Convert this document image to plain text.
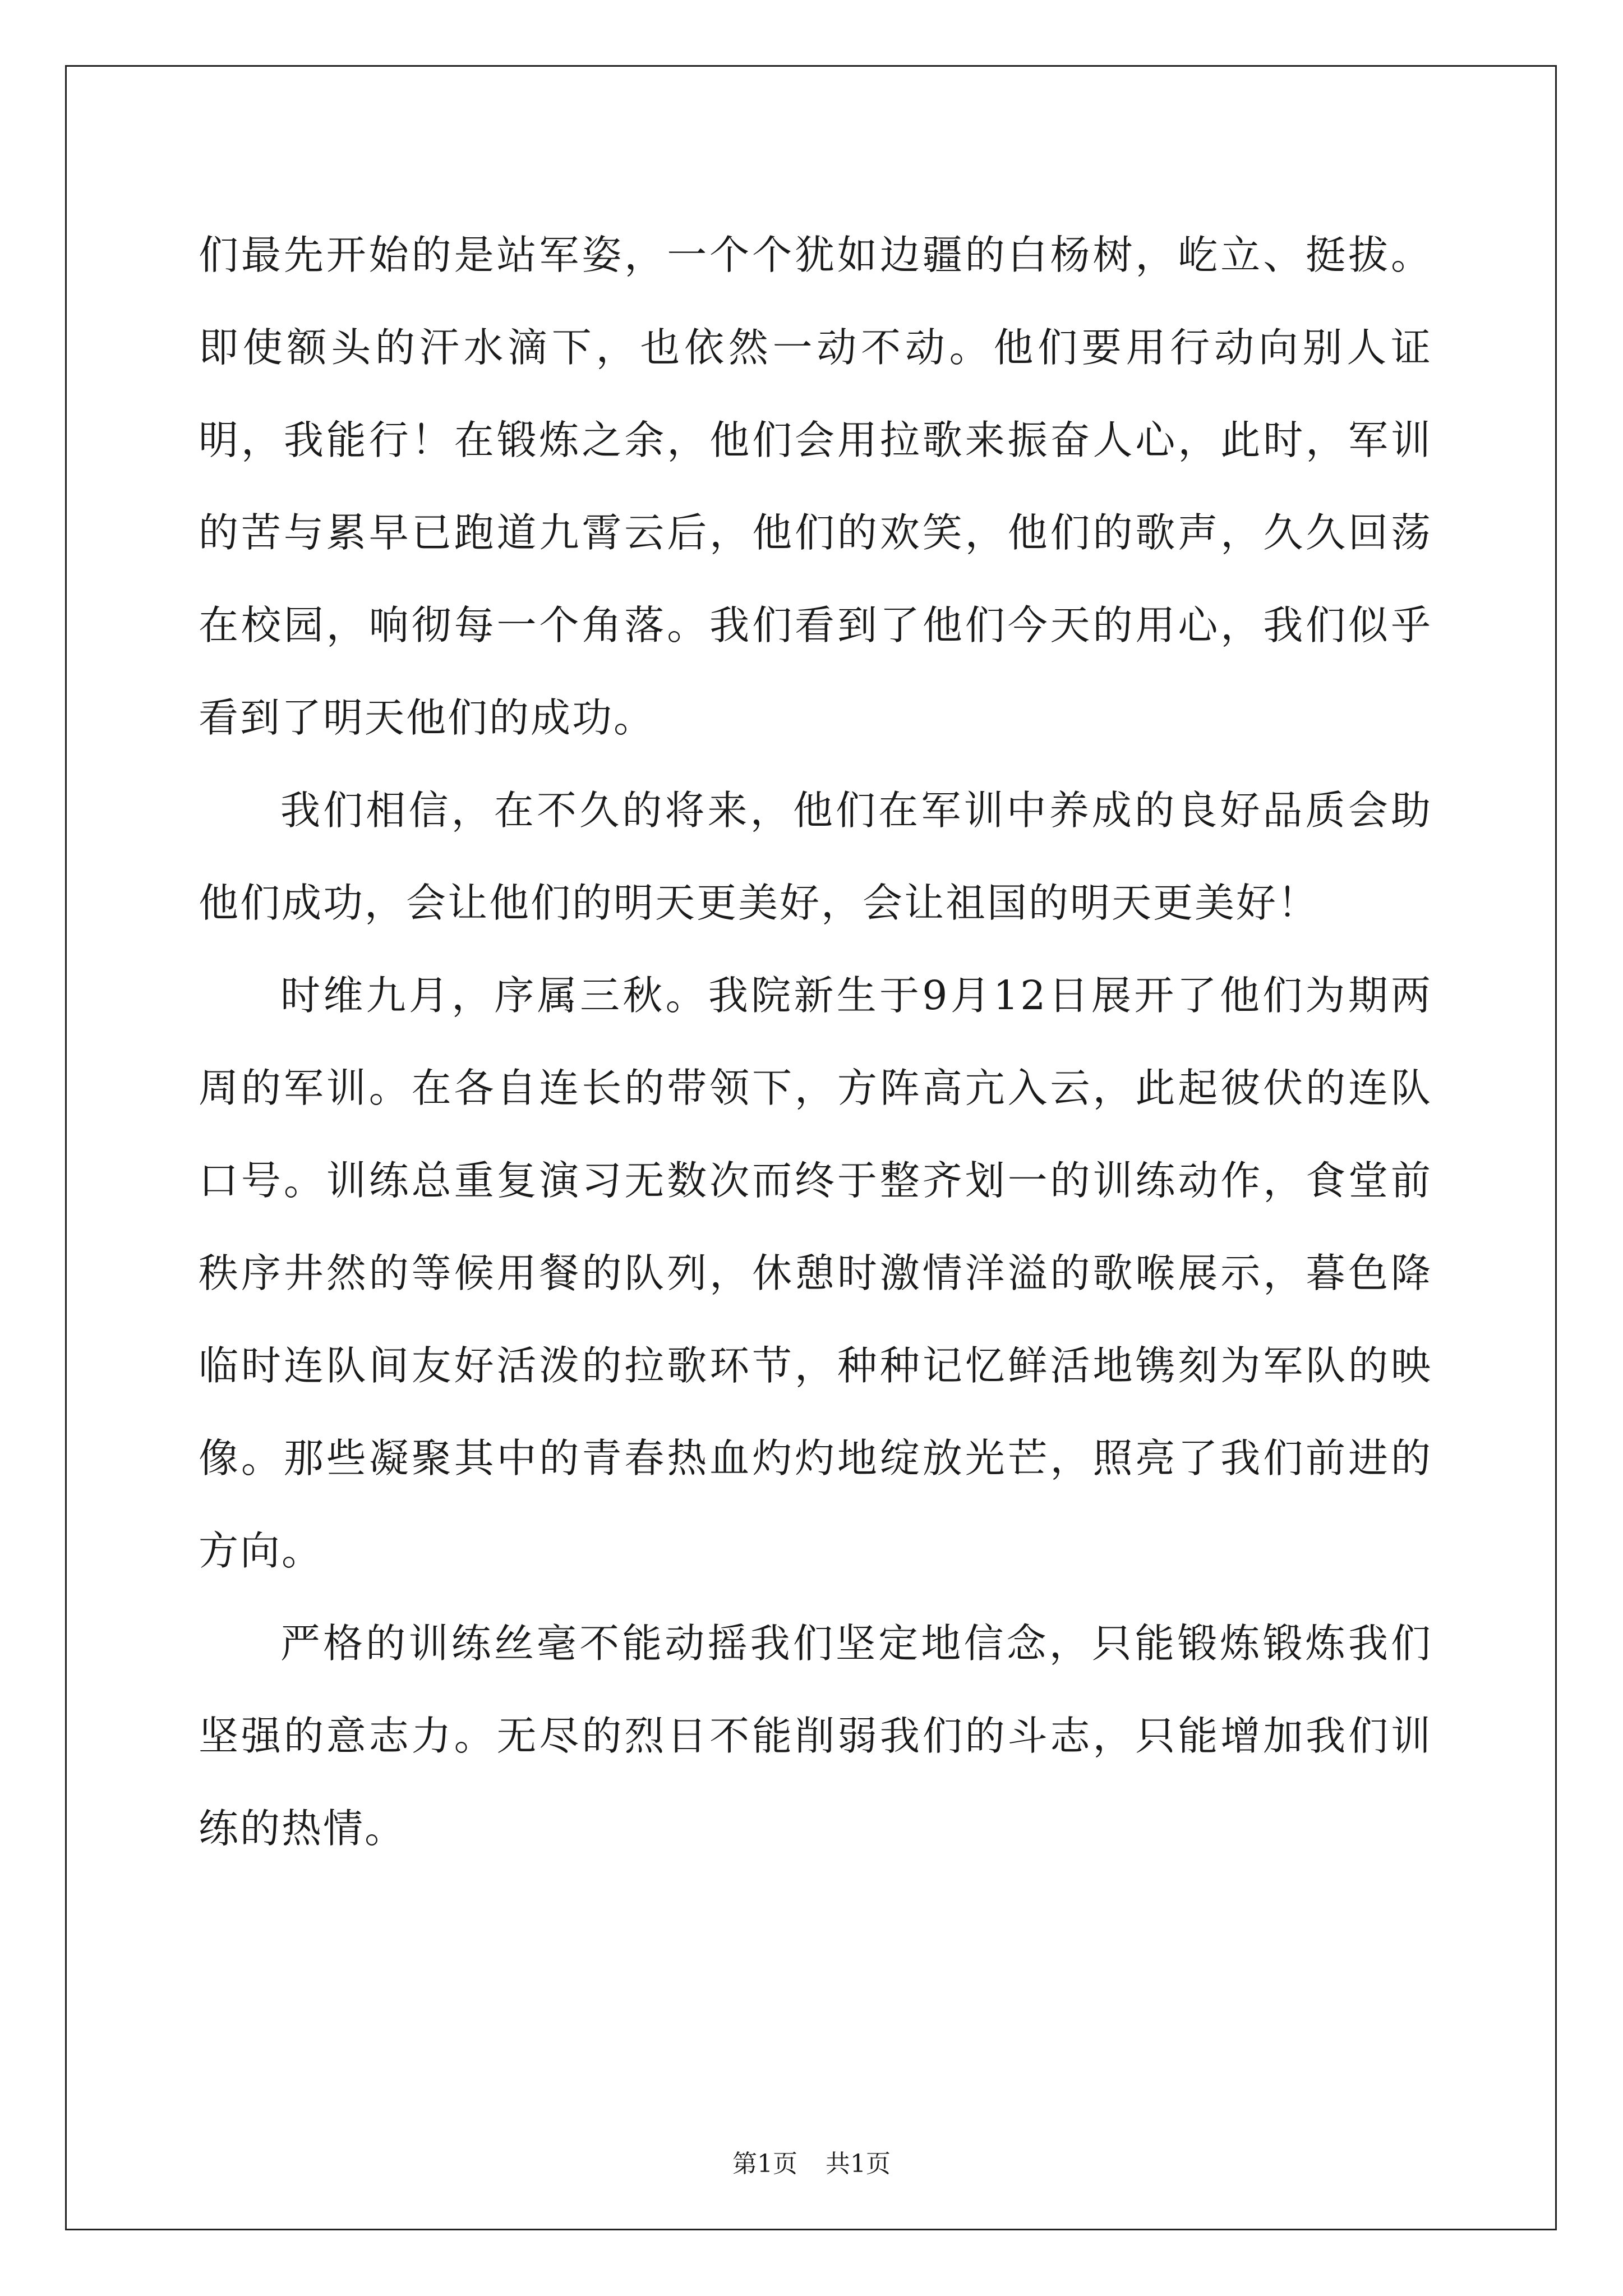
们最先开始的是站军姿，一个个犹如边疆的白杨树，屹立、挺拔。即使额头的汗水滴下，也依然一动不动。他们要用行动向别人证明，我能行！在锻炼之余，他们会用拉歌来振奋人心，此时，军训的苦与累早已跑道九霄云后，他们的欢笑，他们的歌声，久久回荡在校园，响彻每一个角落。我们看到了他们今天的用心，我们似乎看到了明天他们的成功。

我们相信，在不久的将来，他们在军训中养成的良好品质会助他们成功，会让他们的明天更美好，会让祖国的明天更美好！

时维九月，序属三秋。我院新生于9月12日展开了他们为期两周的军训。在各自连长的带领下，方阵高亢入云，此起彼伏的连队口号。训练总重复演习无数次而终于整齐划一的训练动作，食堂前秩序井然的等候用餐的队列，休憩时激情洋溢的歌喉展示，暮色降临时连队间友好活泼的拉歌环节，种种记忆鲜活地镌刻为军队的映像。那些凝聚其中的青春热血灼灼地绽放光芒，照亮了我们前进的方向。

严格的训练丝毫不能动摇我们坚定地信念，只能锻炼锻炼我们坚强的意志力。无尽的烈日不能削弱我们的斗志，只能增加我们训练的热情。

第1页 共1页
